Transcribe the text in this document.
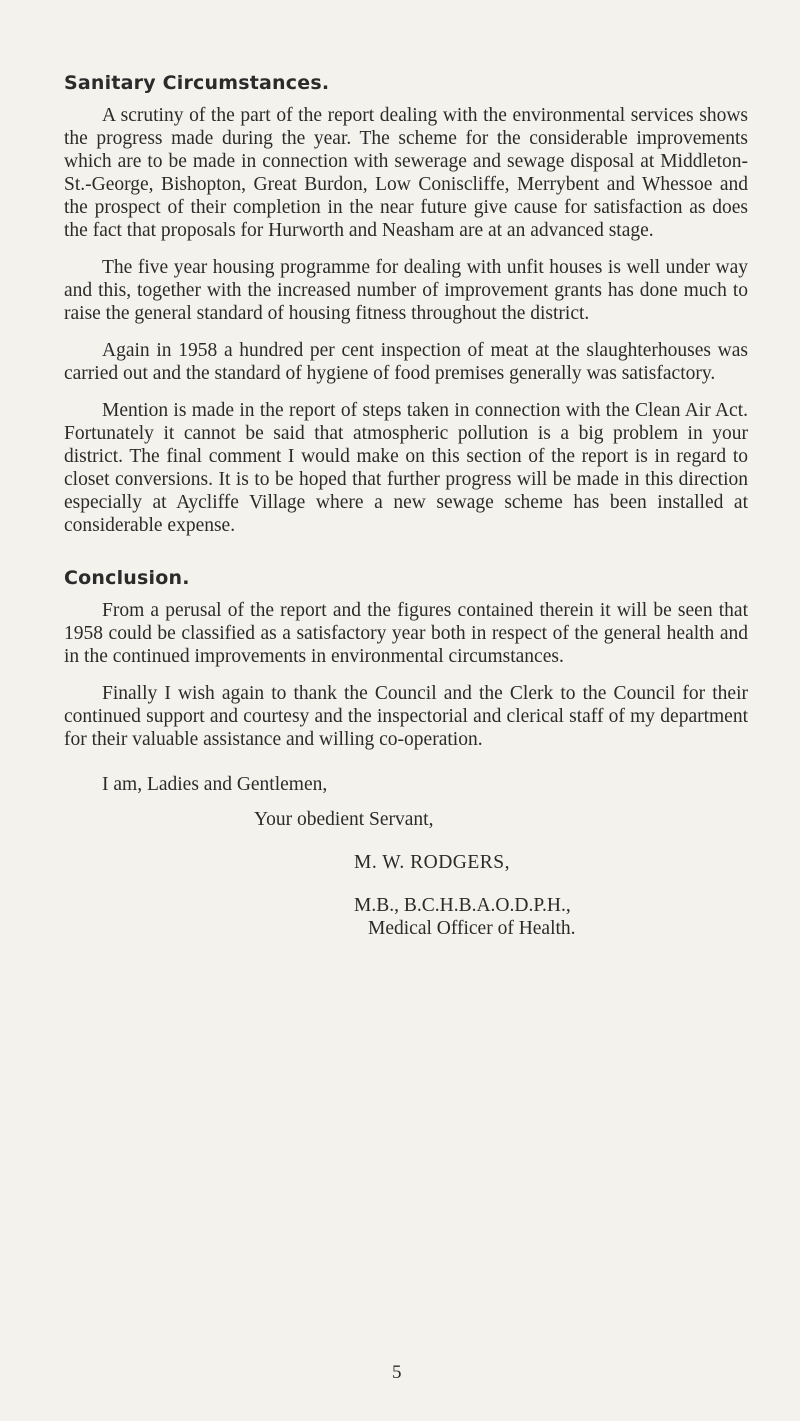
Sanitary Circumstances.

A scrutiny of the part of the report dealing with the environmental services shows the progress made during the year. The scheme for the considerable improvements which are to be made in connection with sewerage and sewage disposal at Middleton-St.-George, Bishopton, Great Burdon, Low Coniscliffe, Merrybent and Whessoe and the prospect of their completion in the near future give cause for satisfaction as does the fact that proposals for Hurworth and Neasham are at an advanced stage.

The five year housing programme for dealing with unfit houses is well under way and this, together with the increased number of improvement grants has done much to raise the general standard of housing fitness throughout the district.

Again in 1958 a hundred per cent inspection of meat at the slaughterhouses was carried out and the standard of hygiene of food premises generally was satisfactory.

Mention is made in the report of steps taken in connection with the Clean Air Act. Fortunately it cannot be said that atmospheric pollution is a big problem in your district. The final comment I would make on this section of the report is in regard to closet conversions. It is to be hoped that further progress will be made in this direction especially at Aycliffe Village where a new sewage scheme has been installed at considerable expense.

Conclusion.

From a perusal of the report and the figures contained therein it will be seen that 1958 could be classified as a satisfactory year both in respect of the general health and in the continued improvements in environmental circumstances.

Finally I wish again to thank the Council and the Clerk to the Council for their continued support and courtesy and the inspectorial and clerical staff of my department for their valuable assistance and willing co-operation.

I am, Ladies and Gentlemen,
Your obedient Servant,
M. W. RODGERS,
M.B., B.C.H.B.A.O.D.P.H.,
Medical Officer of Health.
5
